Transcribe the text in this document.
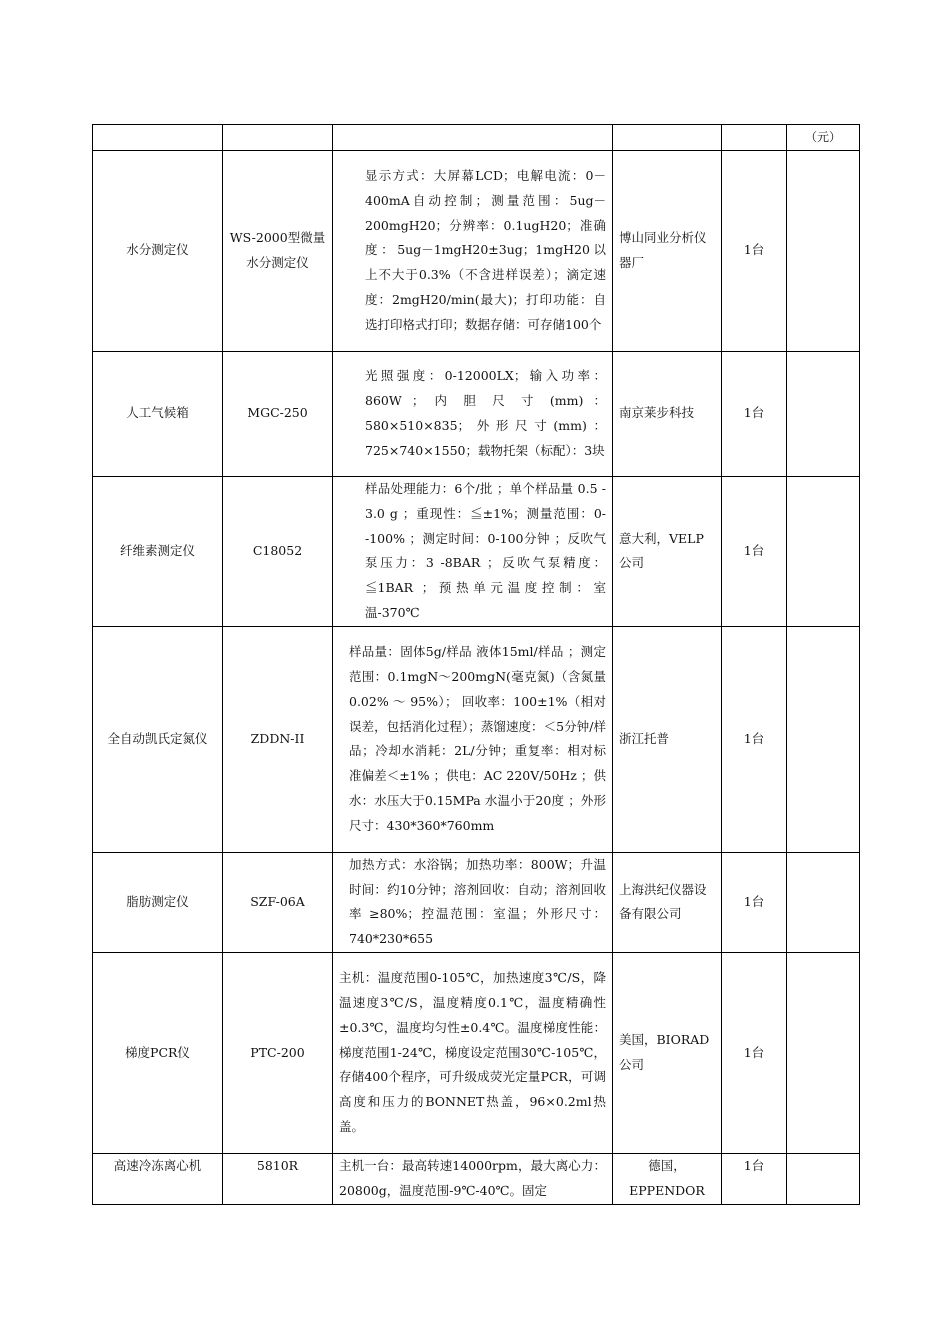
					（元）
水分测定仪	WS-2000型微量水分测定仪	显示方式：大屏幕LCD；电解电流：0－400mA自动控制；测量范围：5ug－200mgH20；分辨率：0.1ugH20；准确度：5ug－1mgH20±3ug；1mgH20以上不大于0.3%（不含进样误差）；滴定速度：2mgH20/min(最大)；打印功能：自选打印格式打印；数据存储：可存储100个	博山同业分析仪器厂	1台	
人工气候箱	MGC-250	光照强度：0-12000LX；输入功率：860W ； 内 胆 尺 寸 (mm) ：580×510×835；外形尺寸(mm)：725×740×1550；载物托架（标配）：3块	南京莱步科技	1台	
纤维素测定仪	C18052	样品处理能力：6个/批 ；单个样品量 0.5 - 3.0 g ；重现性：≦±1%；测量范围：0--100% ；测定时间：0-100分钟 ；反吹气泵压力：3 -8BAR ；反吹气泵精度：≦1BAR ；预热单元温度控制：室温-370℃	意大利，VELP公司	1台	
全自动凯氏定氮仪	ZDDN-II	样品量：固体5g/样品 液体15ml/样品 ；测定范围：0.1mgN～200mgN(毫克氮)（含氮量0.02% ～ 95%）； 回收率：100±1%（相对误差，包括消化过程）；蒸馏速度：＜5分钟/样品；冷却水消耗：2L/分钟；重复率：相对标准偏差＜±1% ；供电：AC 220V/50Hz ；供水：水压大于0.15MPa 水温小于20度 ；外形尺寸：430*360*760mm	浙江托普	1台	
脂肪测定仪	SZF-06A	加热方式：水浴锅；加热功率：800W；升温时间：约10分钟；溶剂回收：自动；溶剂回收率 ≥80%；控温范围：室温；外形尺寸：740*230*655	上海洪纪仪器设备有限公司	1台	
梯度PCR仪	PTC-200	主机：温度范围0-105℃，加热速度3℃/S，降温速度3℃/S，温度精度0.1℃，温度精确性±0.3℃，温度均匀性±0.4℃。温度梯度性能：梯度范围1-24℃，梯度设定范围30℃-105℃，存储400个程序，可升级成荧光定量PCR，可调高度和压力的BONNET热盖，96×0.2ml热盖。	美国，BIORAD公司	1台	
高速冷冻离心机	5810R	主机一台：最高转速14000rpm，最大离心力：20800g，温度范围-9℃-40℃。固定	德国，EPPENDOR	1台	
